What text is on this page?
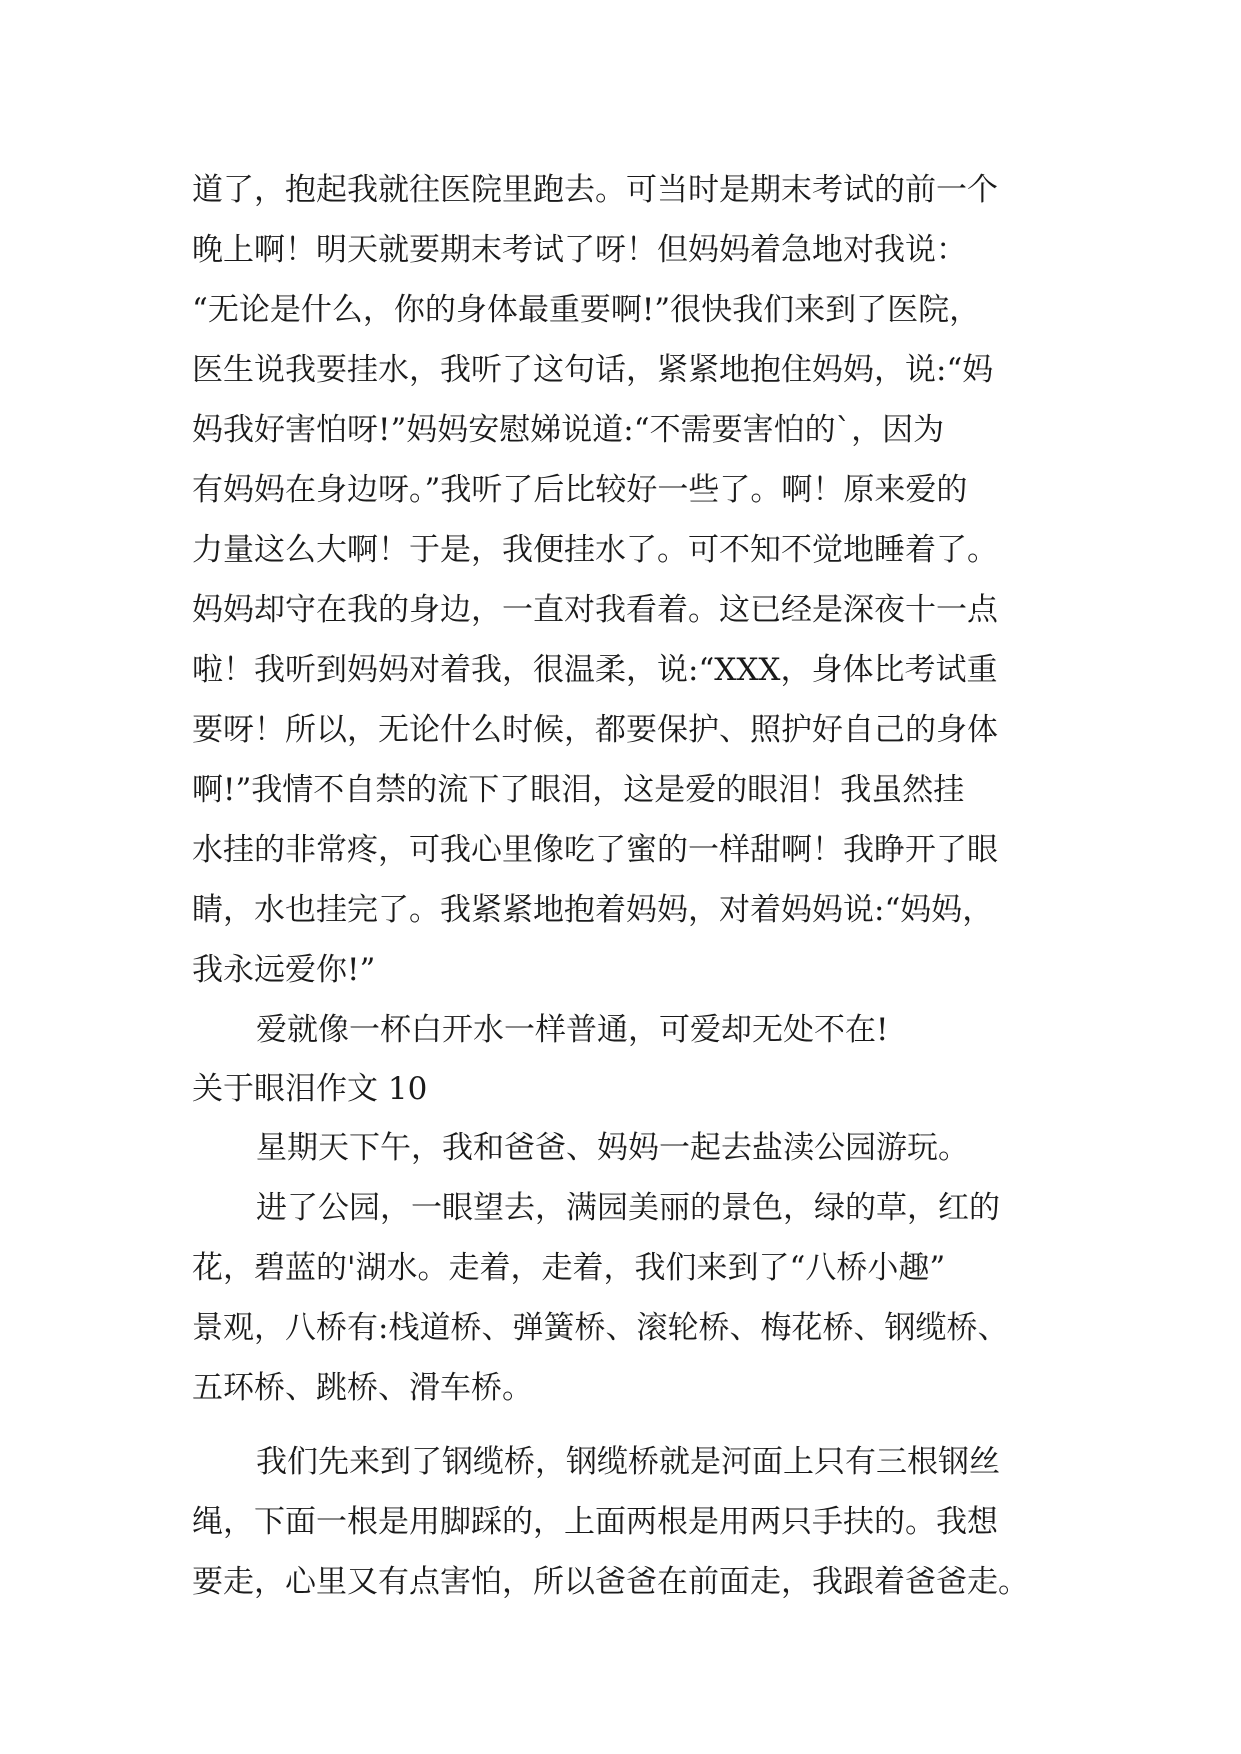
道了，抱起我就往医院里跑去。可当时是期末考试的前一个
晚上啊！明天就要期末考试了呀！但妈妈着急地对我说：
“无论是什么，你的身体最重要啊!”很快我们来到了医院，
医生说我要挂水，我听了这句话，紧紧地抱住妈妈，说:“妈
妈我好害怕呀!”妈妈安慰娣说道:“不需要害怕的`，因为
有妈妈在身边呀。”我听了后比较好一些了。啊！原来爱的
力量这么大啊！于是，我便挂水了。可不知不觉地睡着了。
妈妈却守在我的身边，一直对我看着。这已经是深夜十一点
啦！我听到妈妈对着我，很温柔，说:“XXX，身体比考试重
要呀！所以，无论什么时候，都要保护、照护好自己的身体
啊!”我情不自禁的流下了眼泪，这是爱的眼泪！我虽然挂
水挂的非常疼，可我心里像吃了蜜的一样甜啊！我睁开了眼
睛，水也挂完了。我紧紧地抱着妈妈，对着妈妈说:“妈妈，
我永远爱你!”
爱就像一杯白开水一样普通，可爱却无处不在!
关于眼泪作文 10
星期天下午，我和爸爸、妈妈一起去盐渎公园游玩。
进了公园，一眼望去，满园美丽的景色，绿的草，红的
花，碧蓝的'湖水。走着，走着，我们来到了“八桥小趣”
景观，八桥有:栈道桥、弹簧桥、滚轮桥、梅花桥、钢缆桥、
五环桥、跳桥、滑车桥。
我们先来到了钢缆桥，钢缆桥就是河面上只有三根钢丝
绳，下面一根是用脚踩的，上面两根是用两只手扶的。我想
要走，心里又有点害怕，所以爸爸在前面走，我跟着爸爸走。
